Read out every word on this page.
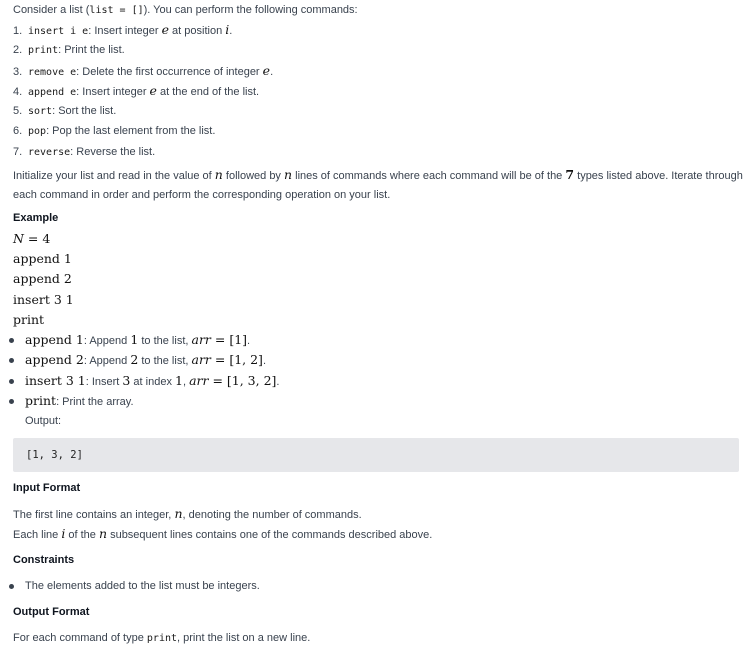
Consider a list (list = []). You can perform the following commands:
1. insert i e: Insert integer e at position i.
2. print: Print the list.
3. remove e: Delete the first occurrence of integer e.
4. append e: Insert integer e at the end of the list.
5. sort: Sort the list.
6. pop: Pop the last element from the list.
7. reverse: Reverse the list.
Initialize your list and read in the value of n followed by n lines of commands where each command will be of the 7 types listed above. Iterate through
each command in order and perform the corresponding operation on your list.
Example
N = 4
append 1
append 2
insert 3 1
print
append 1: Append 1 to the list, arr = [1].
append 2: Append 2 to the list, arr = [1, 2].
insert 3 1: Insert 3 at index 1, arr = [1, 3, 2].
print: Print the array.
Output:
[1, 3, 2]
Input Format
The first line contains an integer, n, denoting the number of commands.
Each line i of the n subsequent lines contains one of the commands described above.
Constraints
The elements added to the list must be integers.
Output Format
For each command of type print, print the list on a new line.
